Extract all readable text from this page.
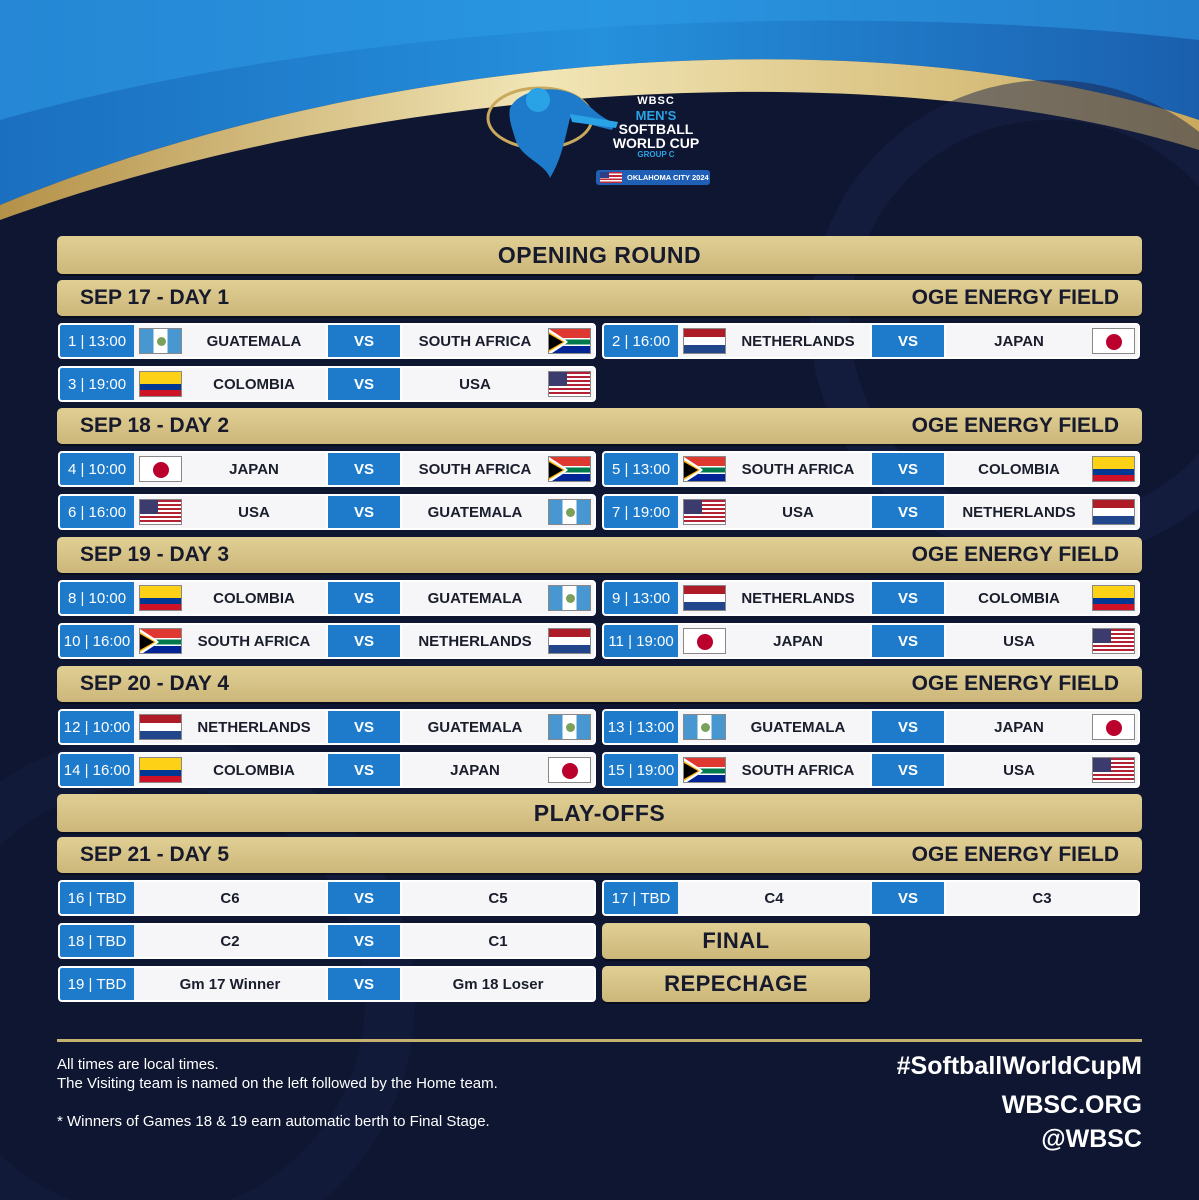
WBSC
MEN'S
SOFTBALL
WORLD CUP
GROUP C
OKLAHOMA CITY 2024
OPENING ROUND
SEP 17 - DAY 1	OGE ENERGY FIELD
SEP 18 - DAY 2	OGE ENERGY FIELD
SEP 19 - DAY 3	OGE ENERGY FIELD
SEP 20 - DAY 4	OGE ENERGY FIELD
PLAY-OFFS
SEP 21 - DAY 5	OGE ENERGY FIELD
1 | 13:00	GUATEMALA	VS	SOUTH AFRICA	2 | 16:00	NETHERLANDS	VS	JAPAN
3 | 19:00	COLOMBIA	VS	USA
4 | 10:00	JAPAN	VS	SOUTH AFRICA	5 | 13:00	SOUTH AFRICA	VS	COLOMBIA
6 | 16:00	USA	VS	GUATEMALA	7 | 19:00	USA	VS	NETHERLANDS
8 | 10:00	COLOMBIA	VS	GUATEMALA	9 | 13:00	NETHERLANDS	VS	COLOMBIA
10 | 16:00	SOUTH AFRICA	VS	NETHERLANDS	11 | 19:00	JAPAN	VS	USA
12 | 10:00	NETHERLANDS	VS	GUATEMALA	13 | 13:00	GUATEMALA	VS	JAPAN
14 | 16:00	COLOMBIA	VS	JAPAN	15 | 19:00	SOUTH AFRICA	VS	USA
16 | TBD	C6	VS	C5	17 | TBD	C4	VS	C3
18 | TBD	C2	VS	C1
19 | TBD	Gm 17 Winner	VS	Gm 18 Loser
FINAL
REPECHAGE
All times are local times.
The Visiting team is named on the left followed by the Home team.
* Winners of Games 18 & 19 earn automatic berth to Final Stage.
#SoftballWorldCupM
WBSC.ORG
@WBSC
